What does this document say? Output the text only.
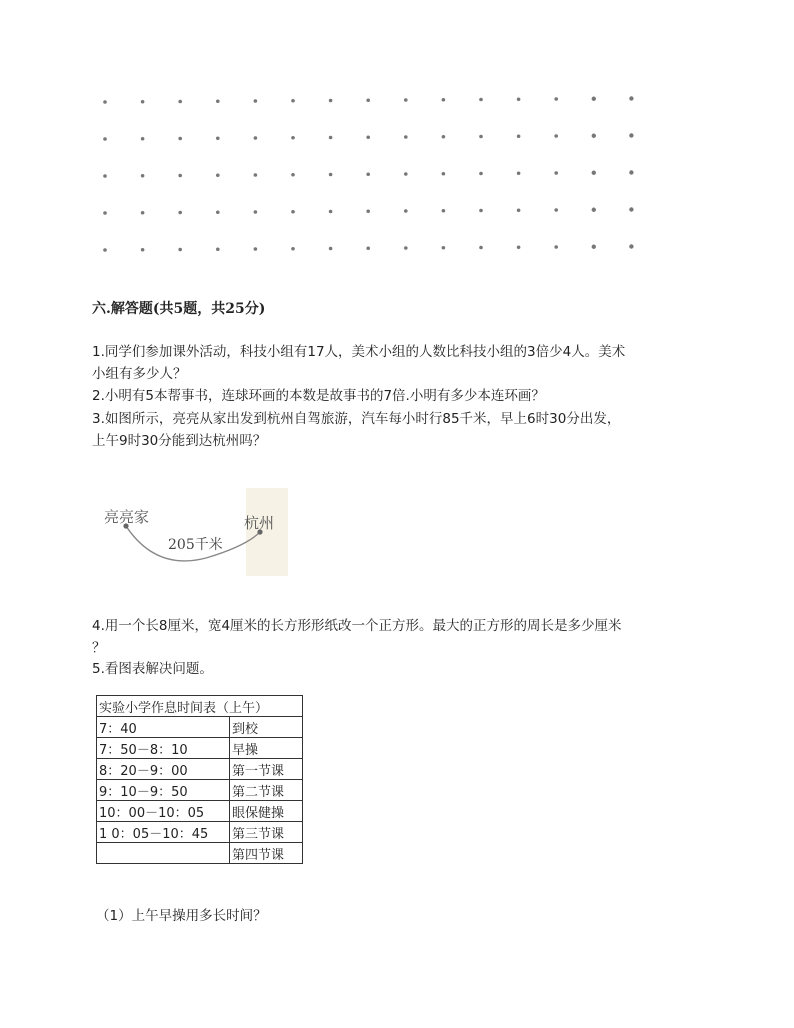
六.解答题(共5题，共25分)
1.同学们参加课外活动，科技小组有17人，美术小组的人数比科技小组的3倍少4人。美术
小组有多少人？
2.小明有5本帮事书，连球环画的本数是故事书的7倍.小明有多少本连环画？
3.如图所示，亮亮从家出发到杭州自驾旅游，汽车每小时行85千米，早上6时30分出发，
上午9时30分能到达杭州吗？
亮亮家	杭州
205千米
4.用一个长8厘米，宽4厘米的长方形形纸改一个正方形。最大的正方形的周长是多少厘米
？
5.看图表解决问题。
实验小学作息时间表（上午）	
7：40	到校
7：50－8：10	早操
8：20－9：00	第一节课
9：10－9：50	第二节课
10：00－10：05	眼保健操
1 0：05－10：45	第三节课
	第四节课
（1）上午早操用多长时间？
